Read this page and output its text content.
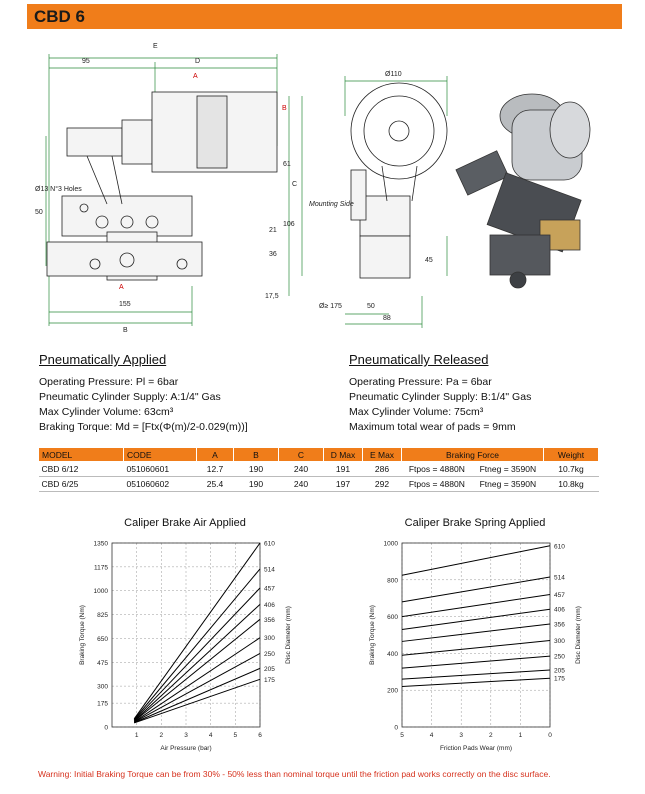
CBD 6
E
D
95
A
B
C
61
21
106
36
17,5
155
B
A
50
Ø13 N°3 Holes
Ø110
Mounting Side
Ø≥ 175	50
88
45
Pneumatically Applied
Operating Pressure: Pl = 6bar
Pneumatic Cylinder Supply: A:1/4" Gas
Max Cylinder Volume: 63cm³
Braking Torque: Md = [Ftx(Φ(m)/2-0.029(m))]
Pneumatically Released
Operating Pressure: Pa = 6bar
Pneumatic Cylinder Supply: B:1/4" Gas
Max Cylinder Volume: 75cm³
Maximum total wear of pads = 9mm
MODEL	CODE	A	B	C	D Max	E Max	Braking Force		Weight
CBD 6/12	051060601	12.7	190	240	191	286	Ftpos = 4880N	Ftneg = 3590N	10.7kg
CBD 6/25	051060602	25.4	190	240	197	292	Ftpos = 4880N	Ftneg = 3590N	10.8kg
Caliper Brake Air Applied	Caliper Brake Spring Applied
0
175
300
475
650
825
1000
1175
1350
1	2	3	4	5	6
610
514
457
406
356
300
250
205
175
Air Pressure (bar)
Braking Torque (Nm)	Disc Diameter (mm)
0
200
400
600
800
1000
5	4	3	2	1	0
610
514
457
406
356
300
250
205
175
Friction Pads Wear (mm)
Braking Torque (Nm)	Disc Diameter (mm)
Warning: Initial Braking Torque can be from 30% - 50% less than nominal torque until the friction pad works correctly on the disc surface.
